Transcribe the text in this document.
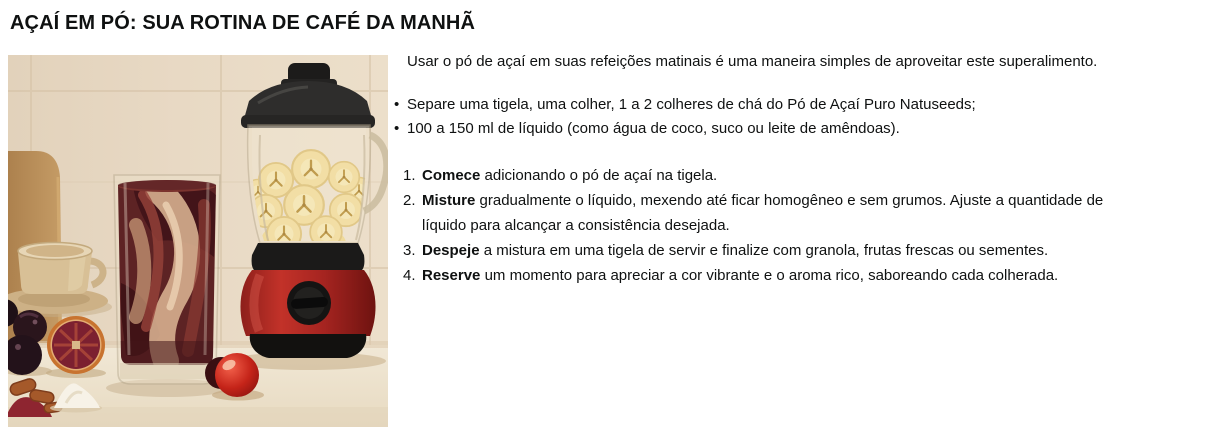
AÇAÍ EM PÓ: SUA ROTINA DE CAFÉ DA MANHÃ

Usar o pó de açaí em suas refeições matinais é uma maneira simples de aproveitar este superalimento.

• Separe uma tigela, uma colher, 1 a 2 colheres de chá do Pó de Açaí Puro Natuseeds;
• 100 a 150 ml de líquido (como água de coco, suco ou leite de amêndoas).
1. Comece adicionando o pó de açaí na tigela.
2. Misture gradualmente o líquido, mexendo até ficar homogêneo e sem grumos. Ajuste a quantidade de líquido para alcançar a consistência desejada.
3. Despeje a mistura em uma tigela de servir e finalize com granola, frutas frescas ou sementes.
4. Reserve um momento para apreciar a cor vibrante e o aroma rico, saboreando cada colherada.
